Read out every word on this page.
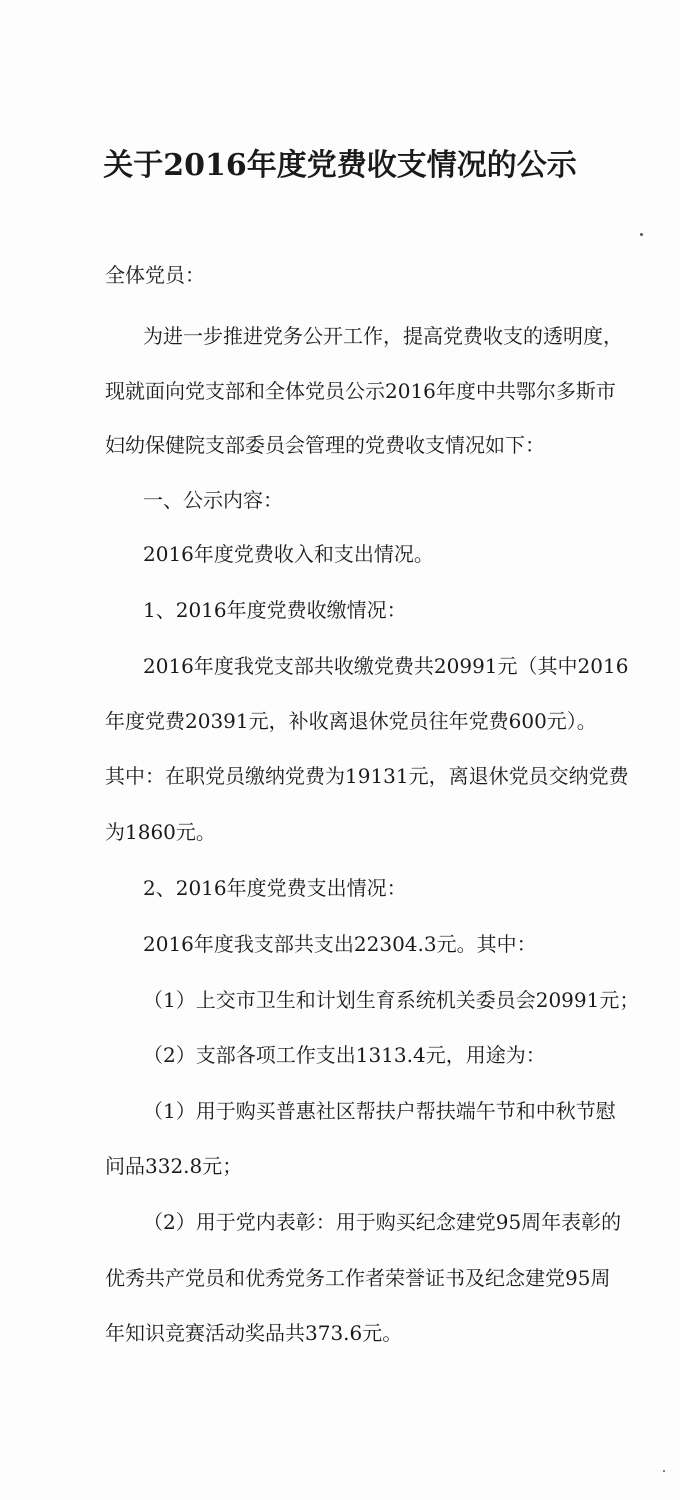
关于2016年度党费收支情况的公示

全体党员：

为进一步推进党务公开工作，提高党费收支的透明度，

现就面向党支部和全体党员公示2016年度中共鄂尔多斯市

妇幼保健院支部委员会管理的党费收支情况如下：

一、公示内容：

2016年度党费收入和支出情况。

1、2016年度党费收缴情况：

2016年度我党支部共收缴党费共20991元（其中2016

年度党费20391元，补收离退休党员往年党费600元）。

其中：在职党员缴纳党费为19131元，离退休党员交纳党费

为1860元。

2、2016年度党费支出情况：

2016年度我支部共支出22304.3元。其中：

（1）上交市卫生和计划生育系统机关委员会20991元；

（2）支部各项工作支出1313.4元，用途为：

（1）用于购买普惠社区帮扶户帮扶端午节和中秋节慰

问品332.8元；

（2）用于党内表彰：用于购买纪念建党95周年表彰的

优秀共产党员和优秀党务工作者荣誉证书及纪念建党95周

年知识竞赛活动奖品共373.6元。
